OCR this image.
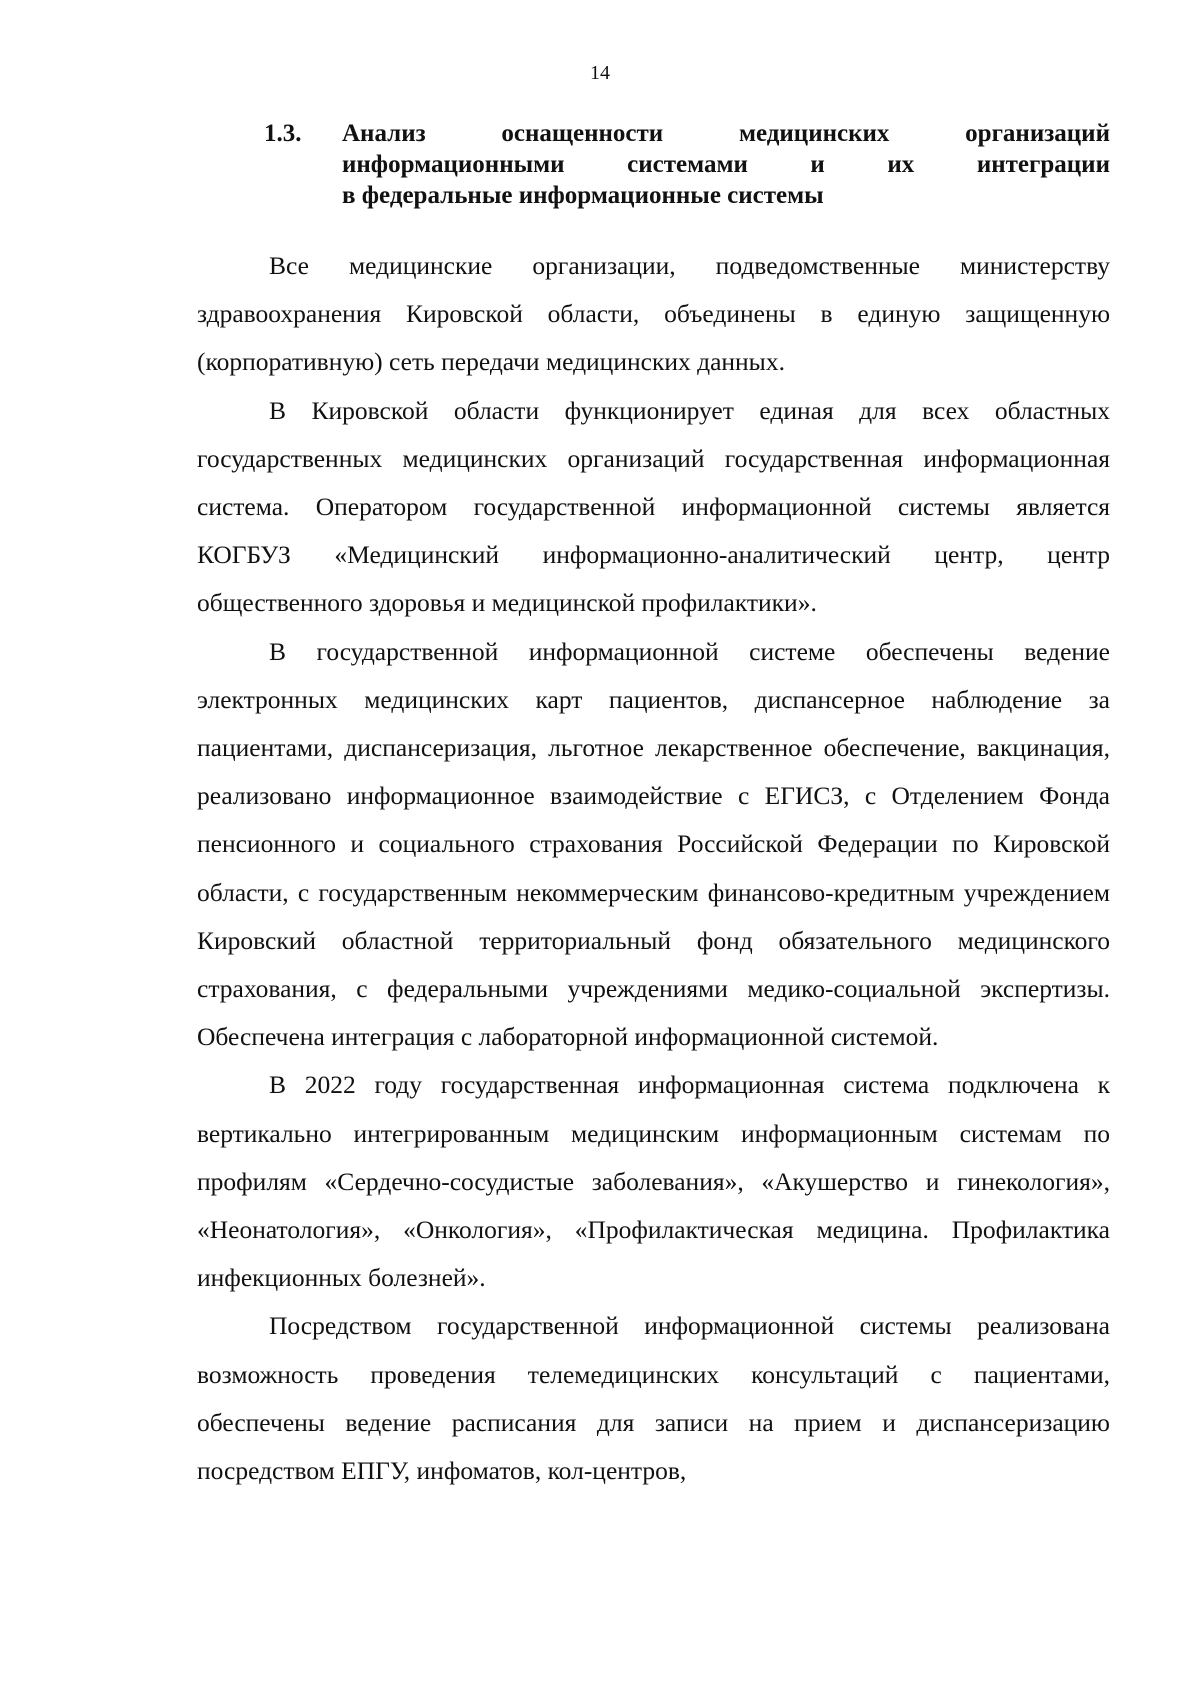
14
1.3. Анализ оснащенности медицинских организаций
информационными системами и их интеграции
в федеральные информационные системы

Все медицинские организации, подведомственные министерству здравоохранения Кировской области, объединены в единую защищенную (корпоративную) сеть передачи медицинских данных.

В Кировской области функционирует единая для всех областных государственных медицинских организаций государственная информационная система. Оператором государственной информационной системы является КОГБУЗ «Медицинский информационно-аналитический центр, центр общественного здоровья и медицинской профилактики».

В государственной информационной системе обеспечены ведение электронных медицинских карт пациентов, диспансерное наблюдение за пациентами, диспансеризация, льготное лекарственное обеспечение, вакцинация, реализовано информационное взаимодействие с ЕГИСЗ, с Отделением Фонда пенсионного и социального страхования Российской Федерации по Кировской области, с государственным некоммерческим финансово-кредитным учреждением Кировский областной территориальный фонд обязательного медицинского страхования, с федеральными учреждениями медико-социальной экспертизы. Обеспечена интеграция с лабораторной информационной системой.

В 2022 году государственная информационная система подключена к вертикально интегрированным медицинским информационным системам по профилям «Сердечно-сосудистые заболевания», «Акушерство и гинекология», «Неонатология», «Онкология», «Профилактическая медицина. Профилактика инфекционных болезней».

Посредством государственной информационной системы реализована возможность проведения телемедицинских консультаций с пациентами, обеспечены ведение расписания для записи на прием и диспансеризацию посредством ЕПГУ, инфоматов, кол-центров,
